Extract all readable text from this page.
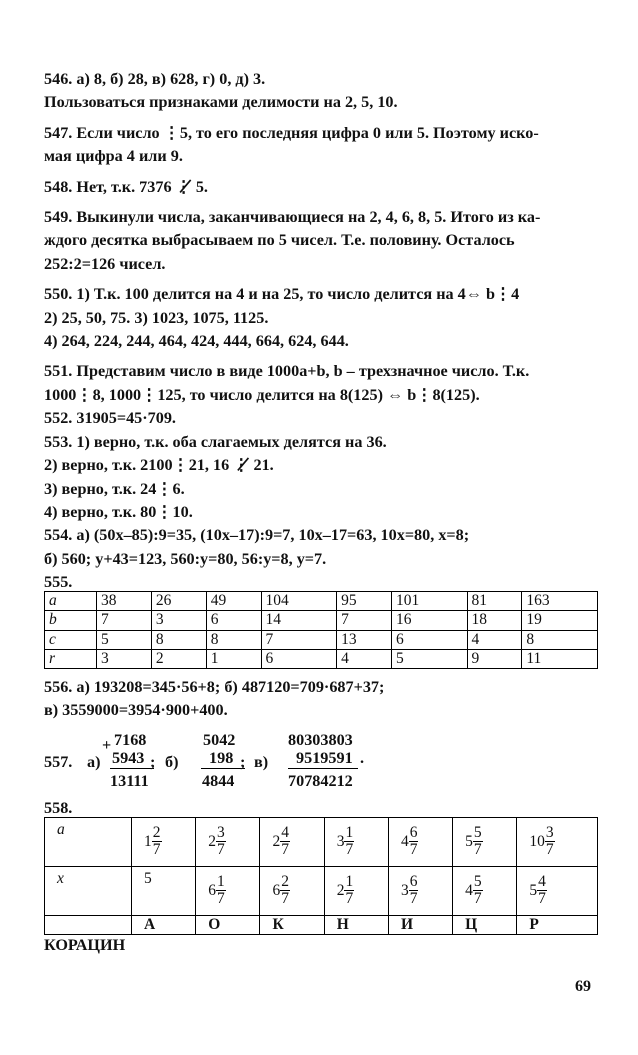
546. а) 8, б) 28, в) 628, г) 0, д) 3.

Пользоваться признаками делимости на 2, 5, 10.

547. Если число ⋮5, то его последняя цифра 0 или 5. Поэтому иско-

мая цифра 4 или 9.

548. Нет, т.к. 7376 ⋮̸ 5.

549. Выкинули числа, заканчивающиеся на 2, 4, 6, 8, 5. Итого из ка-

ждого десятка выбрасываем по 5 чисел. Т.е. половину. Осталось

252:2=126 чисел.

550. 1) Т.к. 100 делится на 4 и на 25, то число делится на 4⇔ b⋮4

2) 25, 50, 75. 3) 1023, 1075, 1125.

4) 264, 224, 244, 464, 424, 444, 664, 624, 644.

551. Представим число в виде 1000a+b, b – трехзначное число. Т.к.

1000⋮8, 1000⋮125, то число делится на 8(125) ⇔ b⋮8(125).

552. 31905=45·709.

553. 1) верно, т.к. оба слагаемых делятся на 36.

2) верно, т.к. 2100⋮21, 16 ⋮̸ 21.

3) верно, т.к. 24⋮6.

4) верно, т.к. 80⋮10.

554. а) (50x–85):9=35, (10x–17):9=7, 10x–17=63, 10x=80, x=8;

б) 560; y+43=123, 560:y=80, 56:y=8, y=7.

555.

a	38	26	49	104	95	101	81	163
b	7	3	6	14	7	16	18	19
c	5	8	8	7	13	6	4	8
r	3	2	1	6	4	5	9	11

556. а) 193208=345·56+8; б) 487120=709·687+37;

в) 3559000=3954·900+400.

557. а)
+ 7168
5943
13111
; б)
5042
198
4844
; в)
80303803
9519591 .
70784212

558.

a	$1 \frac{2}{7}$	$2 \frac{3}{7}$	$2 \frac{4}{7}$	$3 \frac{1}{7}$	$4 \frac{6}{7}$	$5 \frac{5}{7}$	$10 \frac{3}{7}$

x	5	$6 \frac{1}{7}$	$6 \frac{2}{7}$	$2 \frac{1}{7}$	$3 \frac{6}{7}$	$4 \frac{5}{7}$	$5 \frac{4}{7}$

	А	О	К	Н	И	Ц	Р

КОРАЦИН

69
